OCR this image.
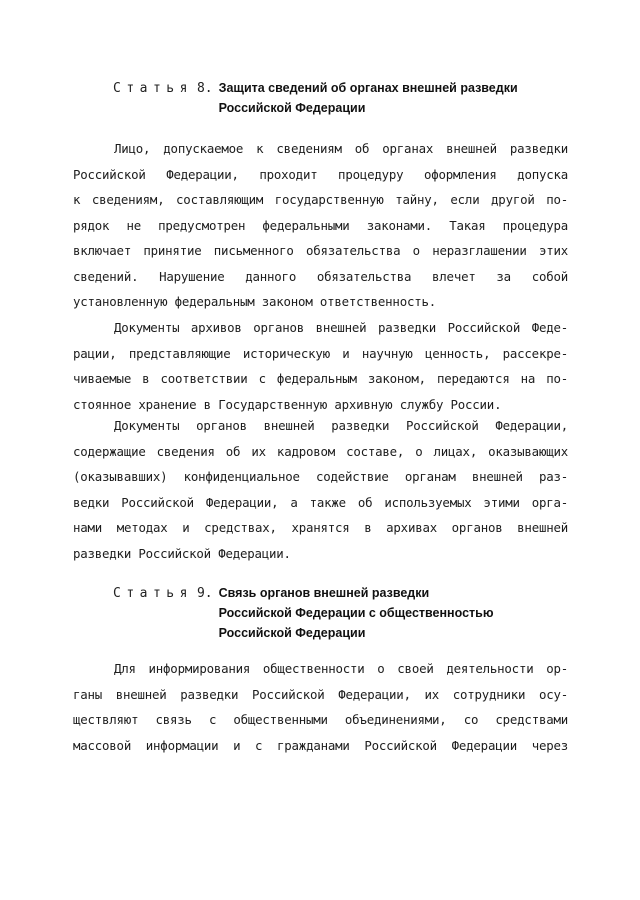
Статья 8. Защита сведений об органах внешней разведки
Российской Федерации
Лицо, допускаемое к сведениям об органах внешней разведки
Российской Федерации, проходит процедуру оформления допуска
к сведениям, составляющим государственную тайну, если другой по-
рядок не предусмотрен федеральными законами. Такая процедура
включает принятие письменного обязательства о неразглашении этих
сведений. Нарушение данного обязательства влечет за собой
установленную федеральным законом ответственность.
Документы архивов органов внешней разведки Российской Феде-
рации, представляющие историческую и научную ценность, рассекре-
чиваемые в соответствии с федеральным законом, передаются на по-
стоянное хранение в Государственную архивную службу России.
Документы органов внешней разведки Российской Федерации,
содержащие сведения об их кадровом составе, о лицах, оказывающих
(оказывавших) конфиденциальное содействие органам внешней раз-
ведки Российской Федерации, а также об используемых этими орга-
нами методах и средствах, хранятся в архивах органов внешней
разведки Российской Федерации.
Статья 9. Связь органов внешней разведки
Российской Федерации с общественностью
Российской Федерации
Для информирования общественности о своей деятельности ор-
ганы внешней разведки Российской Федерации, их сотрудники осу-
ществляют связь с общественными объединениями, со средствами
массовой информации и с гражданами Российской Федерации через
